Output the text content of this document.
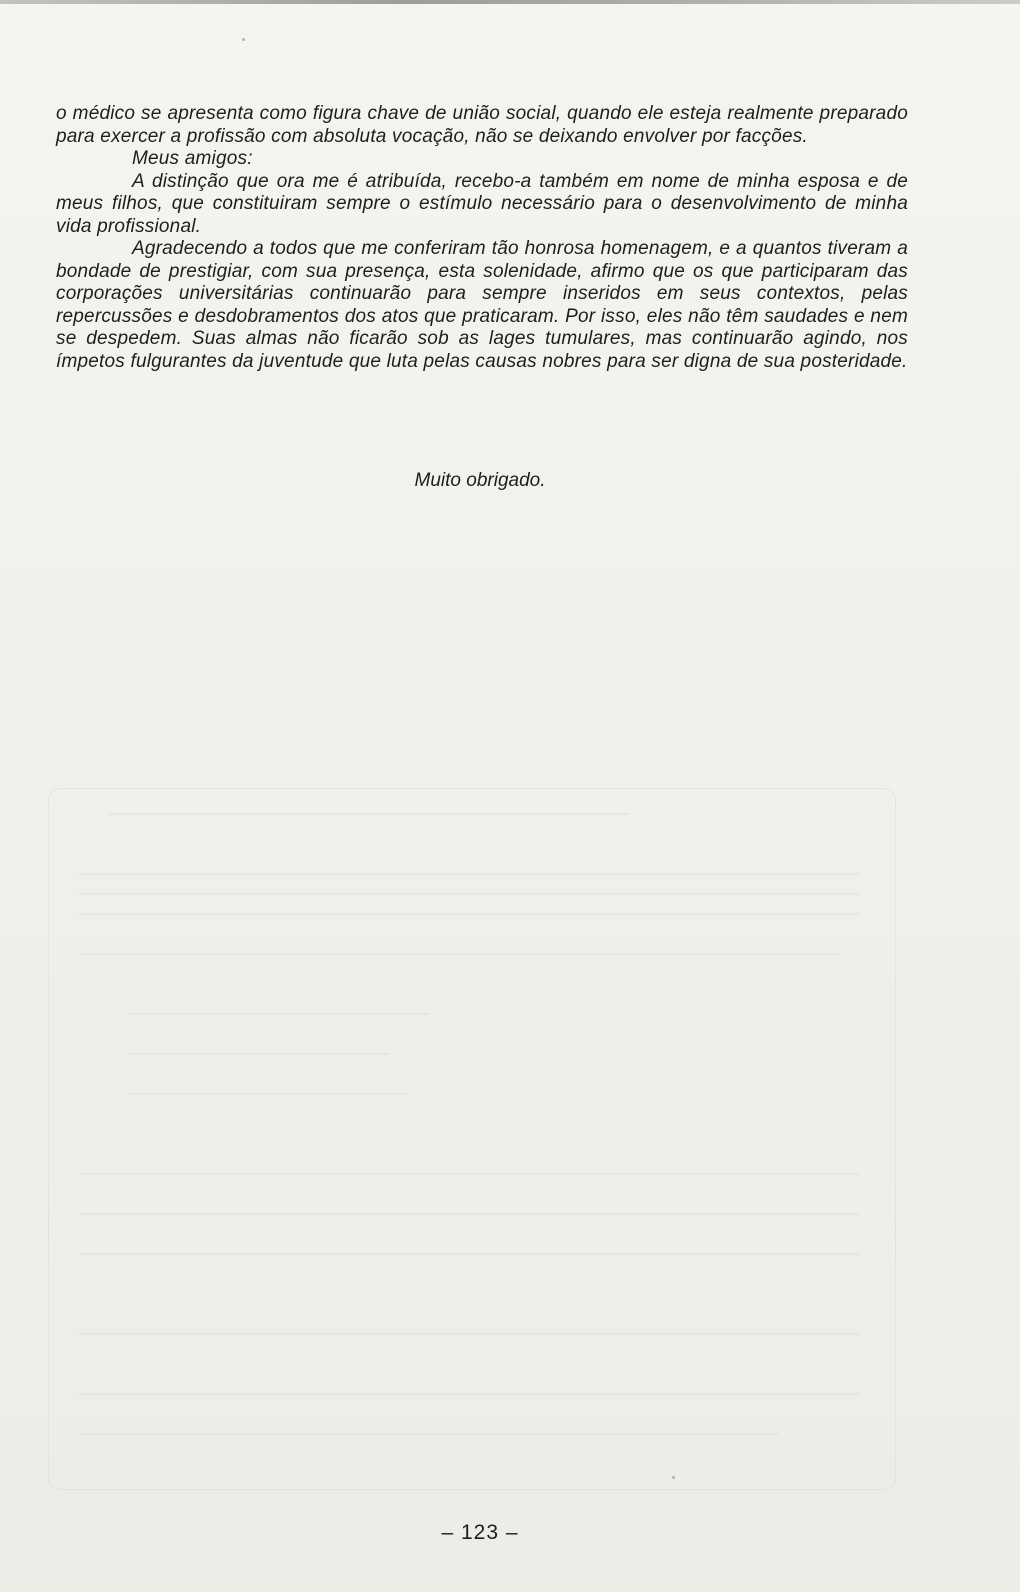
o médico se apresenta como figura chave de união social, quando ele esteja realmente preparado para exercer a profissão com absoluta vocação, não se deixando envolver por facções.

Meus amigos:

A distinção que ora me é atribuída, recebo-a também em nome de minha esposa e de meus filhos, que constituiram sempre o estímulo necessário para o desenvolvimento de minha vida profissional.

Agradecendo a todos que me conferiram tão honrosa homenagem, e a quantos tiveram a bondade de prestigiar, com sua presença, esta solenidade, afirmo que os que participaram das corporações universitárias continuarão para sempre inseridos em seus contextos, pelas repercussões e desdobramentos dos atos que praticaram. Por isso, eles não têm saudades e nem se despedem. Suas almas não ficarão sob as lages tumulares, mas continuarão agindo, nos ímpetos fulgurantes da juventude que luta pelas causas nobres para ser digna de sua posteridade.

Muito obrigado.
– 123 –
